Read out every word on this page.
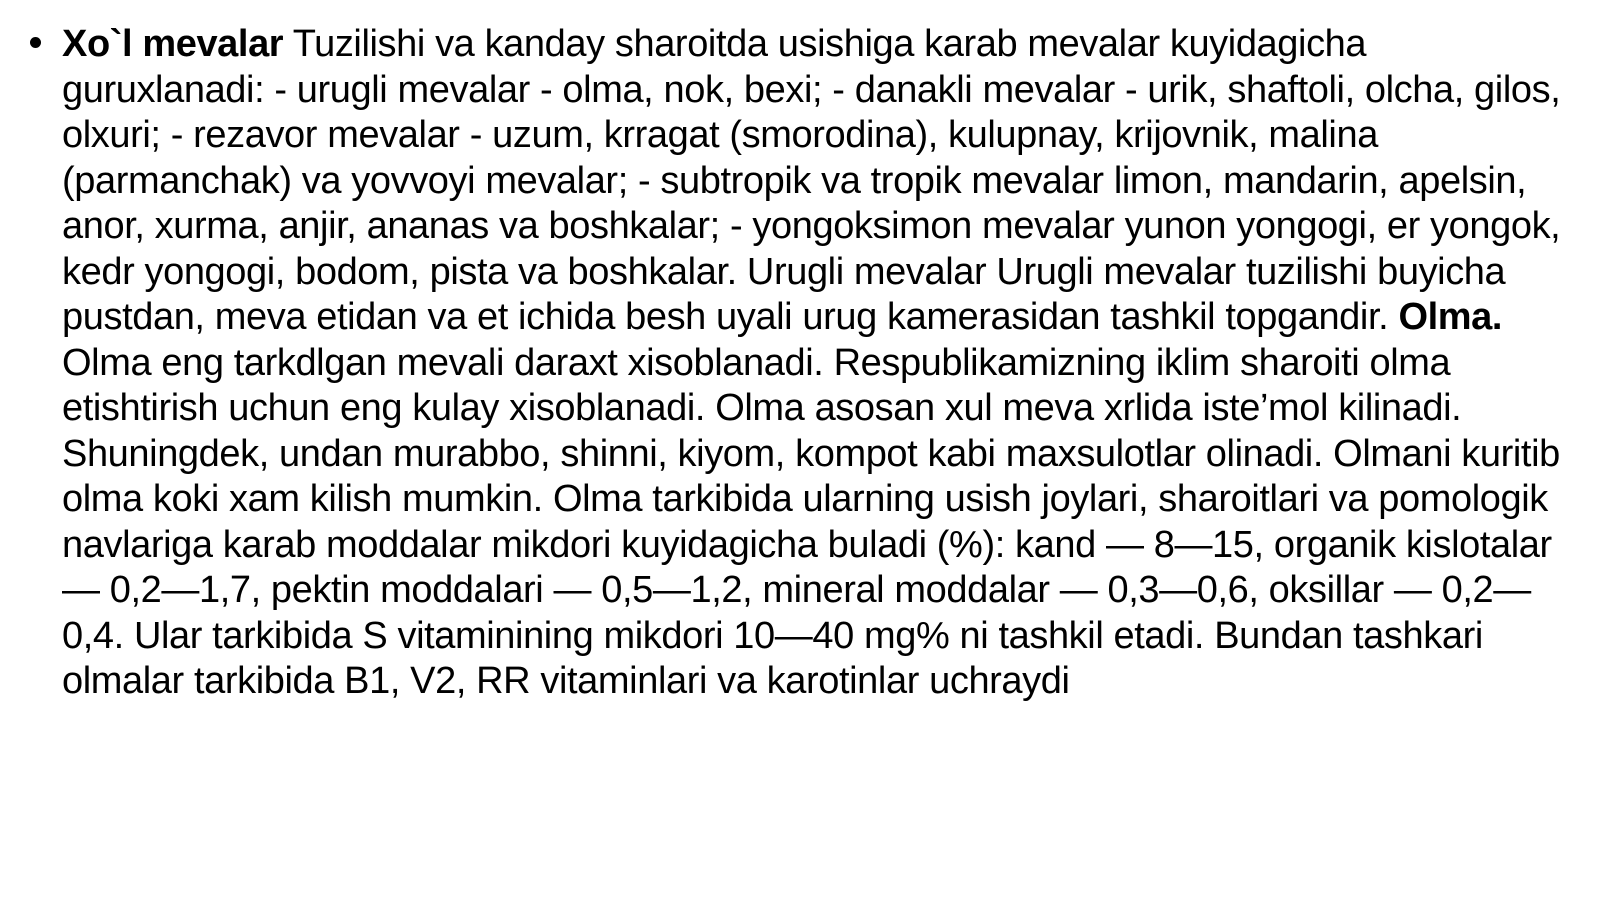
Xo`l mevalar Tuzilishi va kanday sharoitda usishiga karab mevalar kuyidagicha guruxlanadi: - urugli mevalar - olma, nok, bexi; - danakli mevalar - urik, shaftoli, olcha, gilos, olxuri; - rezavor mevalar - uzum, krragat (smorodina), kulupnay, krijovnik, malina (parmanchak) va yovvoyi mevalar; - subtropik va tropik mevalar limon, mandarin, apelsin, anor, xurma, anjir, ananas va boshkalar; - yongoksimon mevalar yunon yongogi, er yongok, kedr yongogi, bodom, pista va boshkalar. Urugli mevalar Urugli mevalar tuzilishi buyicha pustdan, meva etidan va et ichida besh uyali urug kamerasidan tashkil topgandir. Olma. Olma eng tarkdlgan mevali daraxt xisoblanadi. Respublikamizning iklim sharoiti olma etishtirish uchun eng kulay xisoblanadi. Olma asosan xul meva xrlida iste’mol kilinadi. Shuningdek, undan murabbo, shinni, kiyom, kompot kabi maxsulotlar olinadi. Olmani kuritib olma koki xam kilish mumkin. Olma tarkibida ularning usish joylari, sharoitlari va pomologik navlariga karab moddalar mikdori kuyidagicha buladi (%): kand — 8—15, organik kislotalar — 0,2—1,7, pektin moddalari — 0,5—1,2, mineral moddalar — 0,3—0,6, oksillar — 0,2—0,4. Ular tarkibida S vitaminining mikdori 10—40 mg% ni tashkil etadi. Bundan tashkari olmalar tarkibida B1, V2, RR vitaminlari va karotinlar uchraydi
